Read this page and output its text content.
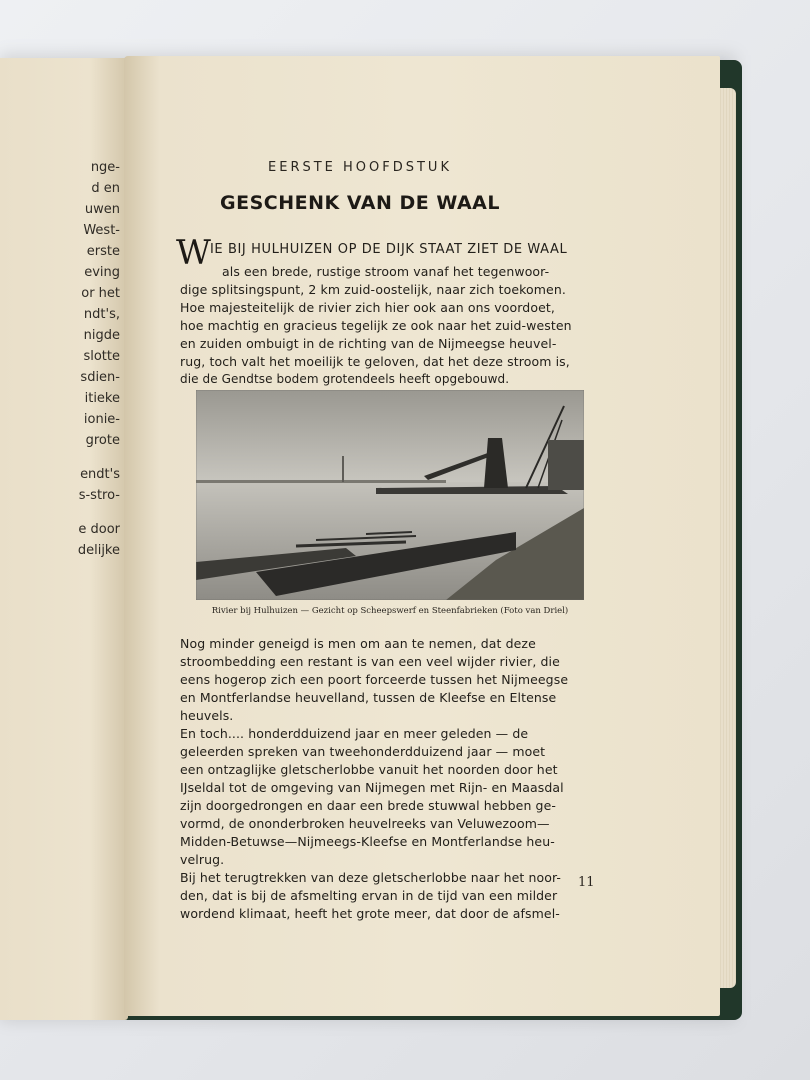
nge-
d en
uwen
West-
erste
eving
or het
ndt's,
nigde
slotte
sdien-
itieke
ionie-
grote
endt's
s-stro-
e door
delijke
EERSTE HOOFDSTUK
GESCHENK VAN DE WAAL
W IE BIJ HULHUIZEN OP DE DIJK STAAT ZIET DE WAAL
als een brede, rustige stroom vanaf het tegenwoor-
dige splitsingspunt, 2 km zuid-oostelijk, naar zich toekomen.
Hoe majesteitelijk de rivier zich hier ook aan ons voordoet,
hoe machtig en gracieus tegelijk ze ook naar het zuid-westen
en zuiden ombuigt in de richting van de Nijmeegse heuvel-
rug, toch valt het moeilijk te geloven, dat het deze stroom is,
die de Gendtse bodem grotendeels heeft opgebouwd.
Rivier bij Hulhuizen — Gezicht op Scheepswerf en Steenfabrieken (Foto van Driel)
Nog minder geneigd is men om aan te nemen, dat deze
stroombedding een restant is van een veel wijder rivier, die
eens hogerop zich een poort forceerde tussen het Nijmeegse
en Montferlandse heuvelland, tussen de Kleefse en Eltense
heuvels.
En toch.... honderdduizend jaar en meer geleden — de
geleerden spreken van tweehonderdduizend jaar — moet
een ontzaglijke gletscherlobbe vanuit het noorden door het
IJseldal tot de omgeving van Nijmegen met Rijn- en Maasdal
zijn doorgedrongen en daar een brede stuwwal hebben ge-
vormd, de ononderbroken heuvelreeks van Veluwezoom—
Midden-Betuwse—Nijmeegs-Kleefse en Montferlandse heu-
velrug.
Bij het terugtrekken van deze gletscherlobbe naar het noor-
den, dat is bij de afsmelting ervan in de tijd van een milder
wordend klimaat, heeft het grote meer, dat door de afsmel-
11
